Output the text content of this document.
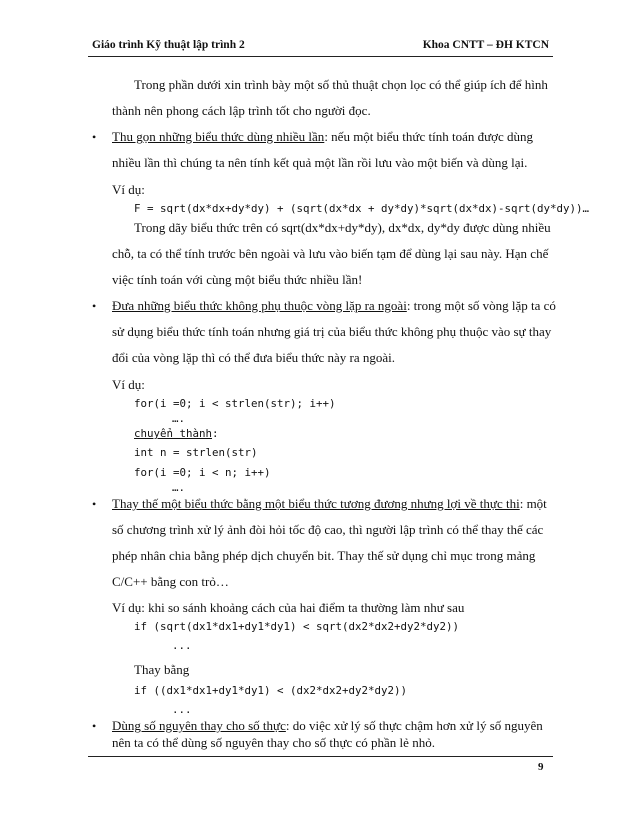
Giáo trình Kỹ thuật lập trình 2	Khoa CNTT – ĐH KTCN
Trong phần dưới xin trình bày một số thủ thuật chọn lọc có thể giúp ích để hình
thành nên phong cách lập trình tốt cho người đọc.
• Thu gọn những biểu thức dùng nhiều lần: nếu một biểu thức tính toán được dùng
nhiều lần thì chúng ta nên tính kết quả một lần rồi lưu vào một biến và dùng lại.
Ví dụ:
F = sqrt(dx*dx+dy*dy) + (sqrt(dx*dx + dy*dy)*sqrt(dx*dx)-sqrt(dy*dy))…
Trong dãy biểu thức trên có sqrt(dx*dx+dy*dy), dx*dx, dy*dy được dùng nhiều
chỗ, ta có thể tính trước bên ngoài và lưu vào biến tạm để dùng lại sau này. Hạn chế
việc tính toán với cùng một biểu thức nhiều lần!
• Đưa những biểu thức không phụ thuộc vòng lặp ra ngoài: trong một số vòng lặp ta có
sử dụng biểu thức tính toán nhưng giá trị của biểu thức không phụ thuộc vào sự thay
đổi của vòng lặp thì có thể đưa biểu thức này ra ngoài.
Ví dụ:
for(i =0; i < strlen(str); i++)
….
chuyển thành:
int n = strlen(str)
for(i =0; i < n; i++)
….
• Thay thế một biểu thức bằng một biểu thức tương đương nhưng lợi về thực thi: một
số chương trình xử lý ảnh đòi hỏi tốc độ cao, thì người lập trình có thể thay thế các
phép nhân chia bằng phép dịch chuyển bit. Thay thế sử dụng chỉ mục trong mảng
C/C++ bằng con trỏ…
Ví dụ: khi so sánh khoảng cách của hai điểm ta thường làm như sau
if (sqrt(dx1*dx1+dy1*dy1) < sqrt(dx2*dx2+dy2*dy2))
...
Thay bằng
if ((dx1*dx1+dy1*dy1) < (dx2*dx2+dy2*dy2))
...
• Dùng số nguyên thay cho số thực: do việc xử lý số thực chậm hơn xử lý số nguyên
nên ta có thể dùng số nguyên thay cho số thực có phần lẻ nhỏ.
9
